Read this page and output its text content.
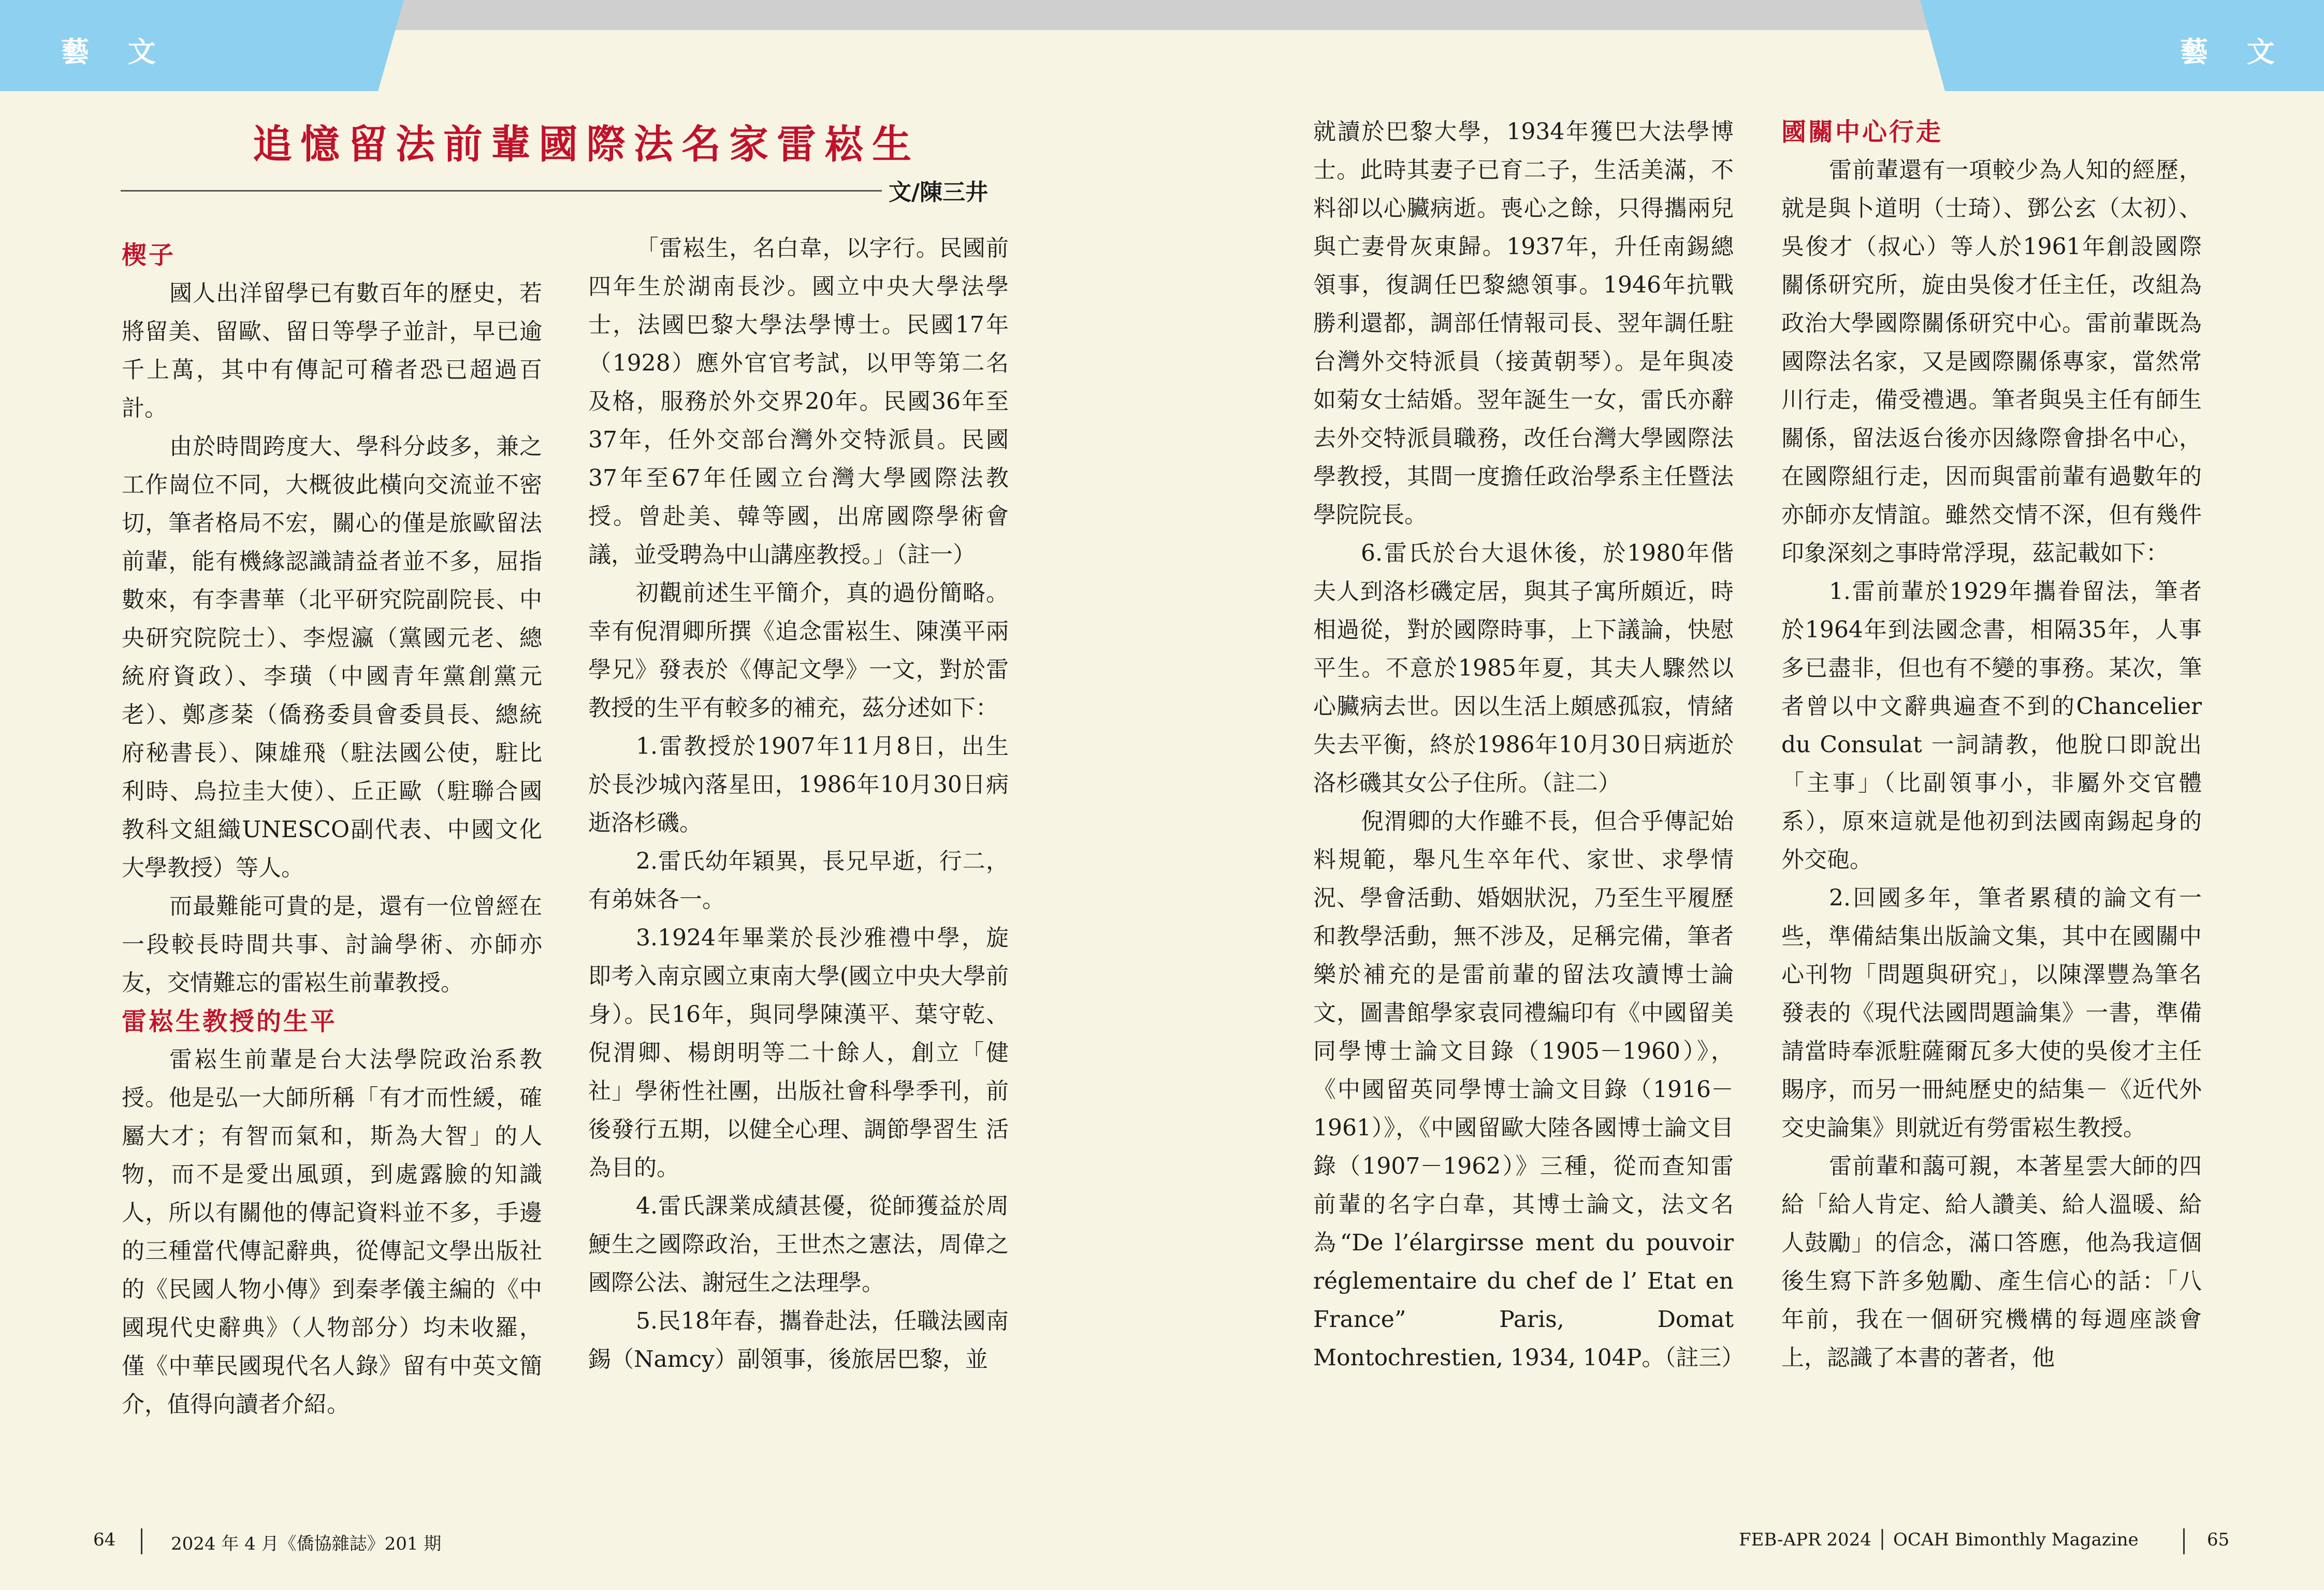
藝 文	藝 文
追憶留法前輩國際法名家雷崧生
文/陳三井
楔子

國人出洋留學已有數百年的歷史，若將留美、留歐、留日等學子並計，早已逾千上萬，其中有傳記可稽者恐已超過百計。

由於時間跨度大、學科分歧多，兼之工作崗位不同，大概彼此橫向交流並不密切，筆者格局不宏，關心的僅是旅歐留法前輩，能有機緣認識請益者並不多，屈指數來，有李書華（北平研究院副院長、中央研究院院士）、李煜瀛（黨國元老、總統府資政）、李璜（中國青年黨創黨元老）、鄭彥棻（僑務委員會委員長、總統府秘書長）、陳雄飛（駐法國公使，駐比利時、烏拉圭大使）、丘正歐（駐聯合國教科文組織UNESCO副代表、中國文化大學教授）等人。

而最難能可貴的是，還有一位曾經在一段較長時間共事、討論學術、亦師亦友，交情難忘的雷崧生前輩教授。

雷崧生教授的生平

雷崧生前輩是台大法學院政治系教授。他是弘一大師所稱「有才而性緩，確屬大才；有智而氣和，斯為大智」的人物，而不是愛出風頭，到處露臉的知識人，所以有關他的傳記資料並不多，手邊的三種當代傳記辭典，從傳記文學出版社的《民國人物小傳》到秦孝儀主編的《中國現代史辭典》（人物部分）均未收羅，僅《中華民國現代名人錄》留有中英文簡介，值得向讀者介紹。

「雷崧生，名白韋，以字行。民國前四年生於湖南長沙。國立中央大學法學士，法國巴黎大學法學博士。民國17年（1928）應外官官考試，以甲等第二名及格，服務於外交界20年。民國36年至37年，任外交部台灣外交特派員。民國37年至67年任國立台灣大學國際法教授。曾赴美、韓等國，出席國際學術會議，並受聘為中山講座教授。」（註一）

初觀前述生平簡介，真的過份簡略。幸有倪渭卿所撰《追念雷崧生、陳漢平兩學兄》發表於《傳記文學》一文，對於雷教授的生平有較多的補充，茲分述如下：

1.雷教授於1907年11月8日，出生於長沙城內落星田，1986年10月30日病逝洛杉磯。

2.雷氏幼年穎異，長兄早逝，行二，有弟妹各一。

3.1924年畢業於長沙雅禮中學，旋即考入南京國立東南大學(國立中央大學前身）。民16年，與同學陳漢平、葉守乾、倪渭卿、楊朗明等二十餘人，創立「健社」學術性社團，出版社會科學季刊，前後發行五期，以健全心理、調節學習生 活為目的。

4.雷氏課業成績甚優，從師獲益於周鯁生之國際政治，王世杰之憲法，周偉之國際公法、謝冠生之法理學。

5.民18年春，攜眷赴法，任職法國南錫（Namcy）副領事，後旅居巴黎，並

就讀於巴黎大學，1934年獲巴大法學博士。此時其妻子已育二子，生活美滿，不料卻以心臟病逝。喪心之餘，只得攜兩兒與亡妻骨灰東歸。1937年，升任南錫總領事，復調任巴黎總領事。1946年抗戰勝利還都，調部任情報司長、翌年調任駐台灣外交特派員（接黃朝琴）。是年與凌如菊女士結婚。翌年誕生一女，雷氏亦辭去外交特派員職務，改任台灣大學國際法學教授，其間一度擔任政治學系主任暨法學院院長。

6.雷氏於台大退休後，於1980年偕夫人到洛杉磯定居，與其子寓所頗近，時相過從，對於國際時事，上下議論，快慰平生。不意於1985年夏，其夫人驟然以心臟病去世。因以生活上頗感孤寂，情緒失去平衡，終於1986年10月30日病逝於洛杉磯其女公子住所。（註二）

倪渭卿的大作雖不長，但合乎傳記始料規範，舉凡生卒年代、家世、求學情況、學會活動、婚姻狀況，乃至生平履歷和教學活動，無不涉及，足稱完備，筆者樂於補充的是雷前輩的留法攻讀博士論文，圖書館學家袁同禮編印有《中國留美同學博士論文目錄（1905－1960）》，《中國留英同學博士論文目錄（1916－1961）》，《中國留歐大陸各國博士論文目錄（1907－1962）》三種，從而查知雷前輩的名字白韋，其博士論文，法文名為“De l’élargirsse ment du pouvoir réglementaire du chef de l’ Etat en France” Paris, Domat Montochrestien, 1934, 104P。（註三）

國關中心行走

雷前輩還有一項較少為人知的經歷，就是與卜道明（士琦）、鄧公玄（太初）、吳俊才（叔心）等人於1961年創設國際關係研究所，旋由吳俊才任主任，改組為政治大學國際關係研究中心。雷前輩既為國際法名家，又是國際關係專家，當然常川行走，備受禮遇。筆者與吳主任有師生關係，留法返台後亦因緣際會掛名中心，在國際組行走，因而與雷前輩有過數年的亦師亦友情誼。雖然交情不深，但有幾件印象深刻之事時常浮現，茲記載如下：

1.雷前輩於1929年攜眷留法，筆者於1964年到法國念書，相隔35年，人事多已盡非，但也有不變的事務。某次，筆者曾以中文辭典遍查不到的Chancelier du Consulat 一詞請教，他脫口即說出「主事」（比副領事小，非屬外交官體系），原來這就是他初到法國南錫起身的外交砲。

2.回國多年，筆者累積的論文有一些，準備結集出版論文集，其中在國關中心刊物「問題與研究」，以陳澤豐為筆名發表的《現代法國問題論集》一書，準備請當時奉派駐薩爾瓦多大使的吳俊才主任賜序，而另一冊純歷史的結集－《近代外交史論集》則就近有勞雷崧生教授。

雷前輩和藹可親，本著星雲大師的四給「給人肯定、給人讚美、給人溫暖、給人鼓勵」的信念，滿口答應，他為我這個後生寫下許多勉勵、產生信心的話：「八年前，我在一個研究機構的每週座談會上，認識了本書的著者，他

64	2024 年 4 月《僑協雜誌》201 期	FEB-APR 2024 │ OCAH Bimonthly Magazine	65
